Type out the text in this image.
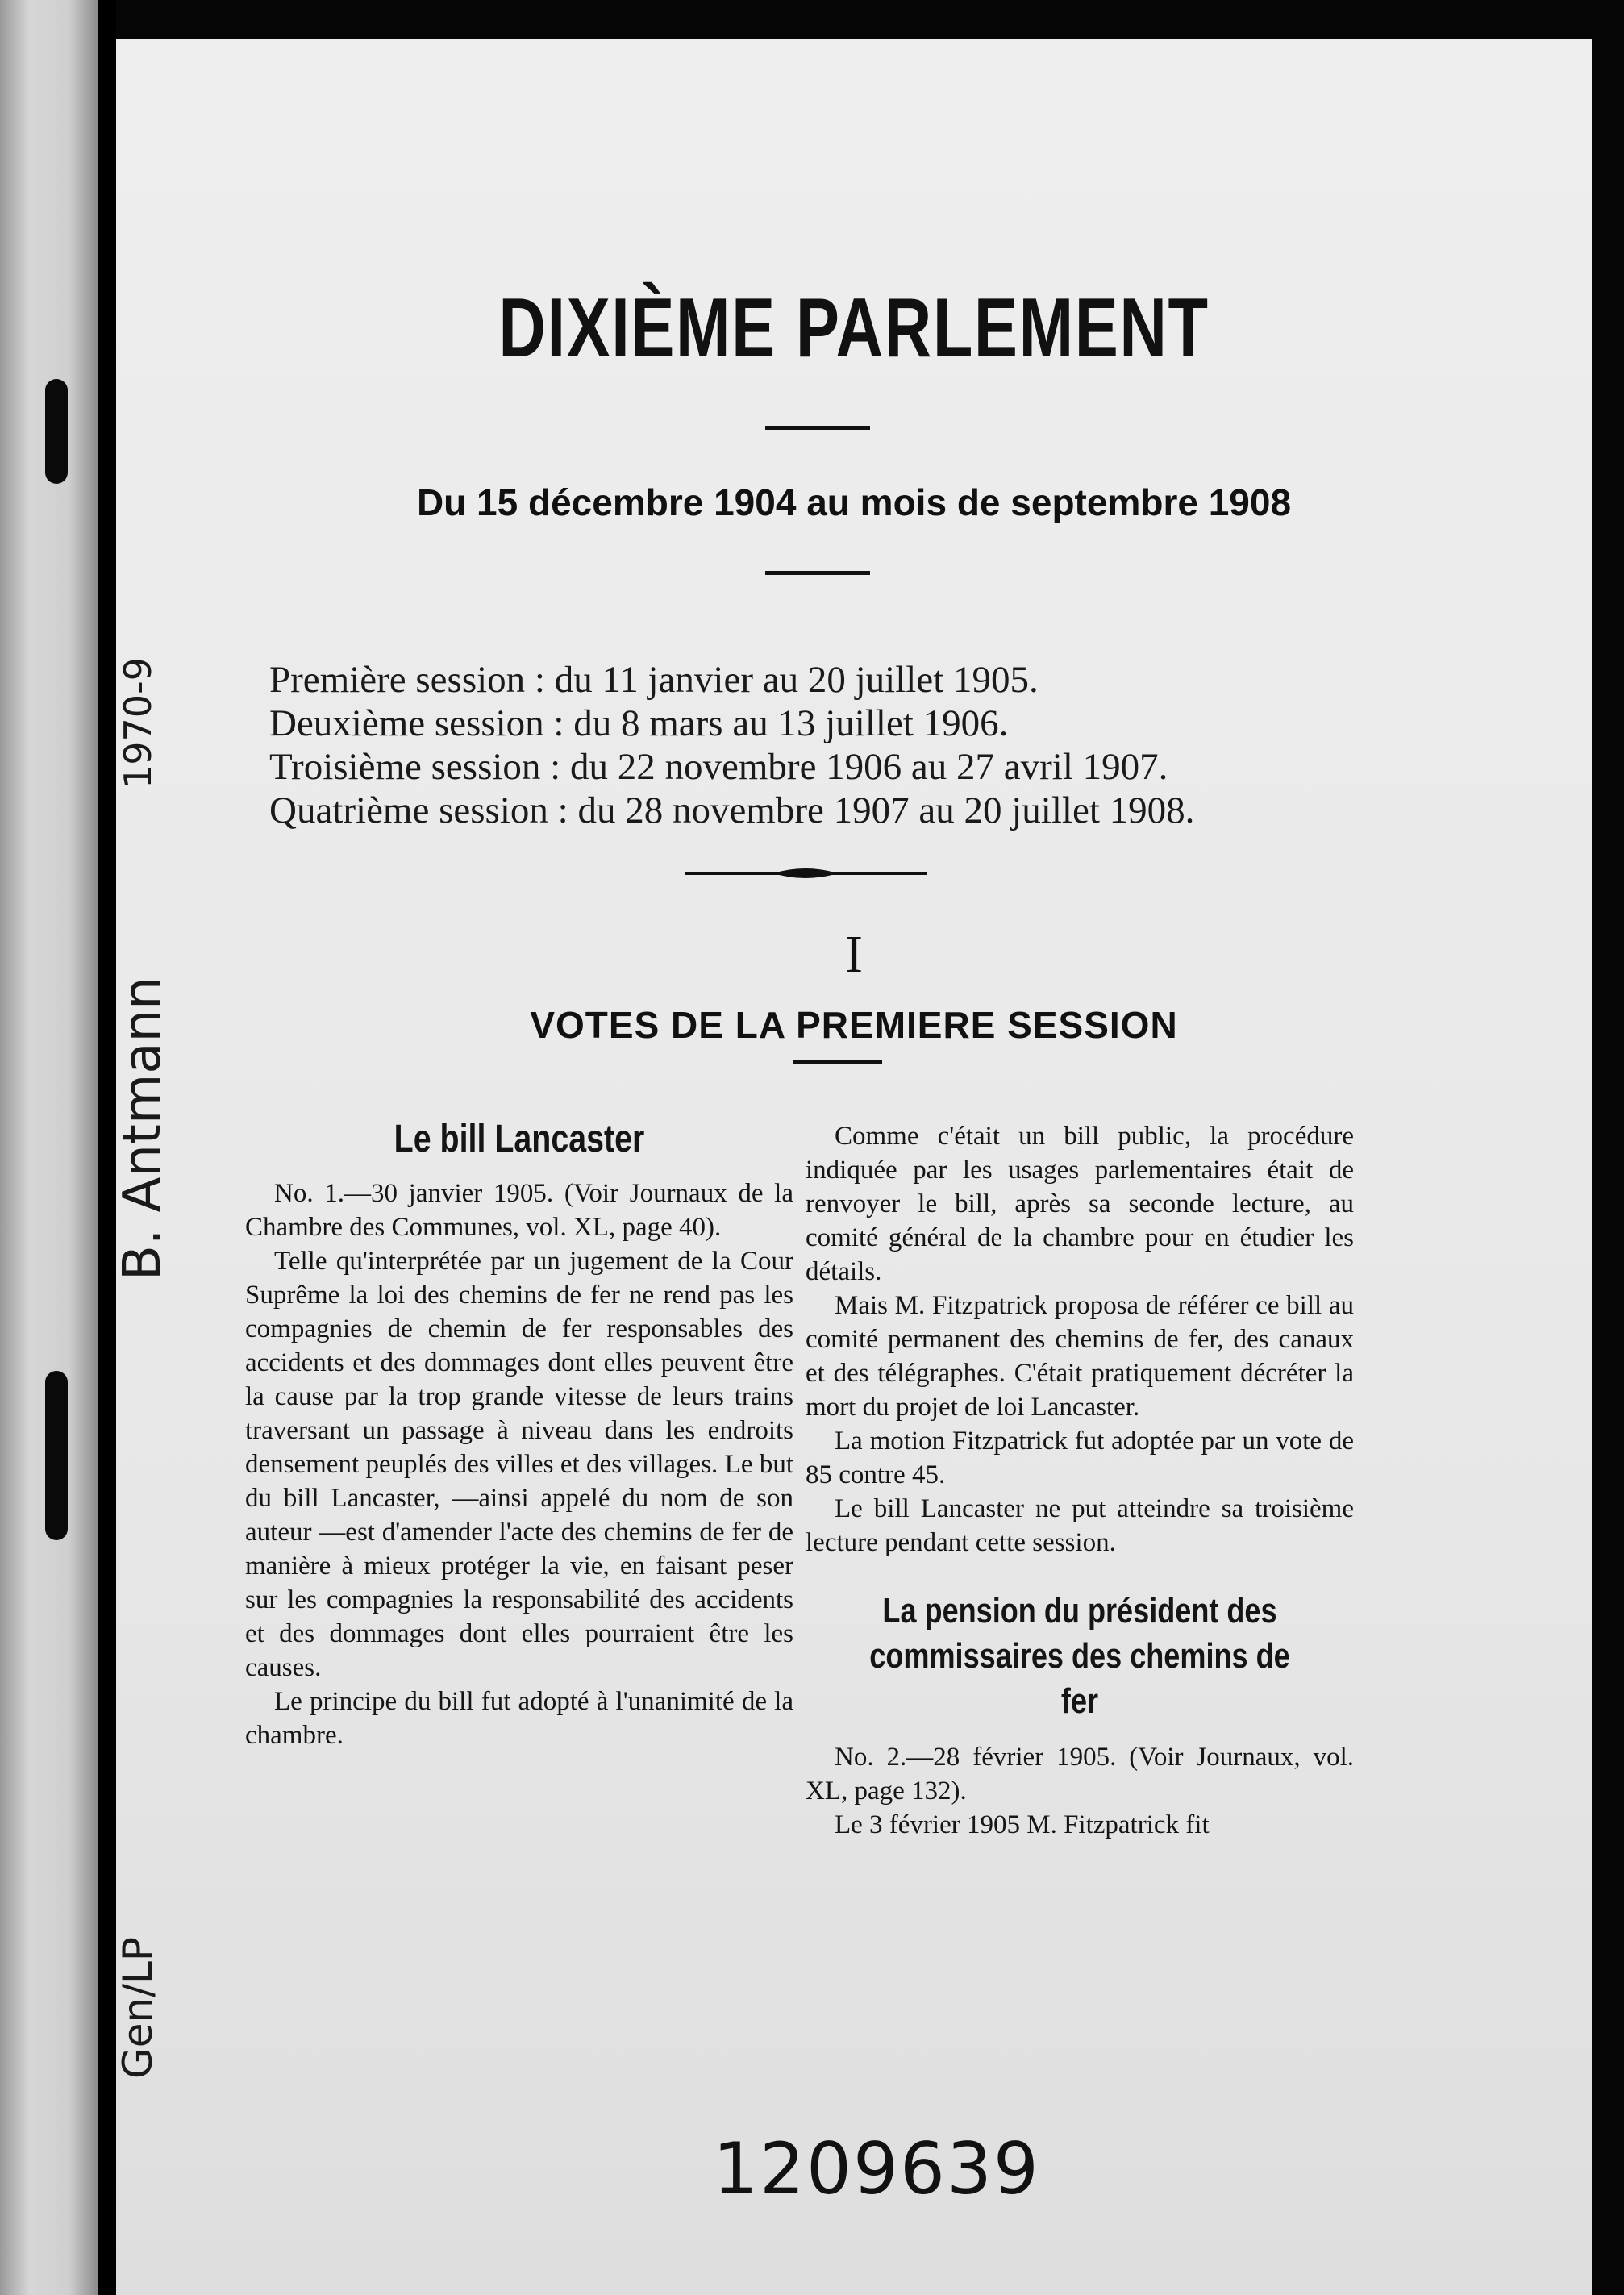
1970-9
B. Antmann
Gen/LP
DIXIÈME PARLEMENT
Du 15 décembre 1904 au mois de septembre 1908
Première session : du 11 janvier au 20 juillet 1905.
Deuxième session : du 8 mars au 13 juillet 1906.
Troisième session : du 22 novembre 1906 au 27 avril 1907.
Quatrième session : du 28 novembre 1907 au 20 juillet 1908.
I
VOTES DE LA PREMIERE SESSION
Le bill Lancaster

No. 1.—30 janvier 1905. (Voir Journaux de la Chambre des Communes, vol. XL, page 40).

Telle qu'interprétée par un jugement de la Cour Suprême la loi des chemins de fer ne rend pas les compagnies de chemin de fer responsables des accidents et des dommages dont elles peuvent être la cause par la trop grande vitesse de leurs trains traversant un passage à niveau dans les endroits densement peuplés des villes et des villages. Le but du bill Lancaster, —ainsi appelé du nom de son auteur —est d'amender l'acte des chemins de fer de manière à mieux protéger la vie, en faisant peser sur les compagnies la responsabilité des accidents et des dommages dont elles pourraient être les causes.

Le principe du bill fut adopté à l'unanimité de la chambre.

Comme c'était un bill public, la procédure indiquée par les usages parlementaires était de renvoyer le bill, après sa seconde lecture, au comité général de la chambre pour en étudier les détails.

Mais M. Fitzpatrick proposa de référer ce bill au comité permanent des chemins de fer, des canaux et des télégraphes. C'était pratiquement décréter la mort du projet de loi Lancaster.

La motion Fitzpatrick fut adoptée par un vote de 85 contre 45.

Le bill Lancaster ne put atteindre sa troisième lecture pendant cette session.

La pension du président des commissaires des chemins de fer

No. 2.—28 février 1905. (Voir Journaux, vol. XL, page 132).

Le 3 février 1905 M. Fitzpatrick fit

1209639
